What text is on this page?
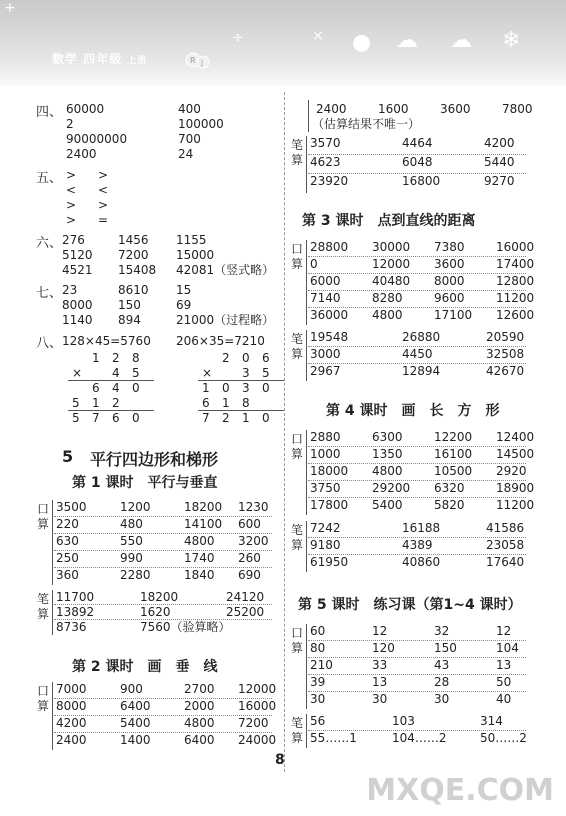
数学 四年级 上册	R J
● ☁ ☁ ❄
+
÷	×
8
MXQE.COM
四、 60000	400
2	100000
90000000	700
2400	24
五、 > >
< <
> >
> =
六、 276	1456 1155
5120 7200 15000
4521 15408 42081（竖式略）
七、 23	8610 15
8000 150	69
1140 894	21000（过程略）
八、 128×45=5760 206×35=7210
1 2 8
× 4 5
6 4 0
5 1 2
5 7 6 0
2 0 6
× 3 5
1 0 3 0
6 1 8
7 2 1 0
5 平行四边形和梯形
第 1 课时　平行与垂直
口
算
3500	1200	18200 1230
220	480	14100 600
630	550	4800 3200
250	990	1740 260
360	2280	1840 690
笔
算
11700	18200	24120
13892	1620	25200
8736	7560（验算略）
第 2 课时　画　垂　线
口
算
7000	900	2700 12000
8000	6400	2000 16000
4200	5400	4800 7200
2400	1400	6400 24000
2400	1600	3600	7800
（估算结果不唯一）
笔
算
3570	4464	4200
4623	6048	5440
23920	16800	9270
第 3 课时　点到直线的距离
口
算
28800 30000 7380	16000
0	12000 3600	17400
6000	40480 8000	12800
7140	8280	9600	11200
36000 4800	17100 12600
笔
算
19548	26880	20590
3000	4450	32508
2967	12894	42670
第 4 课时　画　长　方　形
口
算
2880	6300	12200 12400
1000	1350	16100 14500
18000 4800	10500 2920
3750	29200 6320	18900
17800 5400	5820	11200
笔
算
7242	16188	41586
9180	4389	23058
61950	40860	17640
第 5 课时　练习课（第1~4 课时）
口
算
60	12	32	12
80	120	150	104
210	33	43	13
39	13	28	50
30	30	30	40
笔
算
56	103	314
55……1	104……2	50……2
